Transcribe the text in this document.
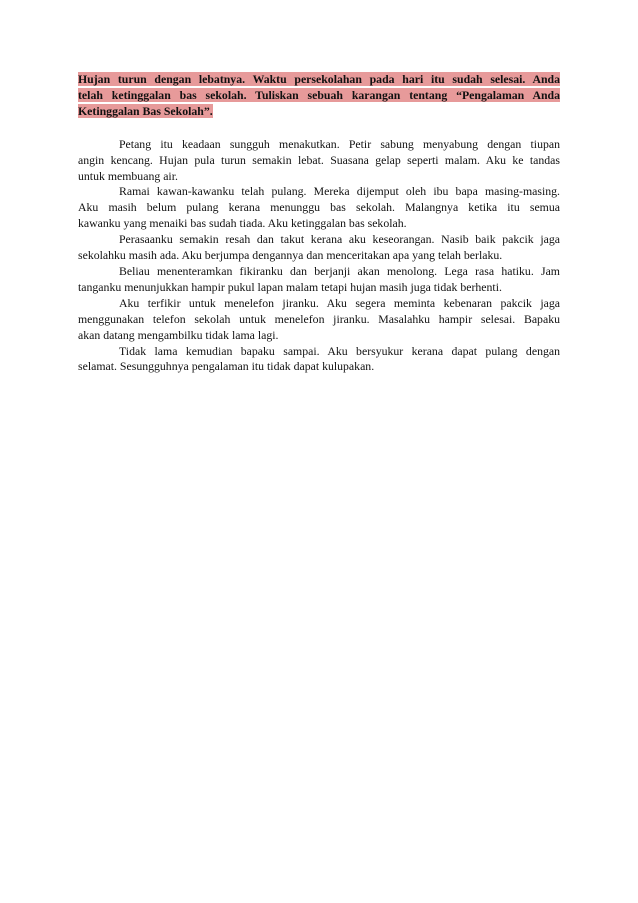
Hujan turun dengan lebatnya. Waktu persekolahan pada hari itu sudah selesai. Anda
telah ketinggalan bas sekolah. Tuliskan sebuah karangan tentang “Pengalaman Anda
Ketinggalan Bas Sekolah”.
Petang itu keadaan sungguh menakutkan. Petir sabung menyabung dengan tiupan
angin kencang. Hujan pula turun semakin lebat. Suasana gelap seperti malam. Aku ke tandas
untuk membuang air.
Ramai kawan-kawanku telah pulang. Mereka dijemput oleh ibu bapa masing-masing.
Aku masih belum pulang kerana menunggu bas sekolah. Malangnya ketika itu semua
kawanku yang menaiki bas sudah tiada. Aku ketinggalan bas sekolah.
Perasaanku semakin resah dan takut kerana aku keseorangan. Nasib baik pakcik jaga
sekolahku masih ada. Aku berjumpa dengannya dan menceritakan apa yang telah berlaku.
Beliau menenteramkan fikiranku dan berjanji akan menolong. Lega rasa hatiku. Jam
tanganku menunjukkan hampir pukul lapan malam tetapi hujan masih juga tidak berhenti.
Aku terfikir untuk menelefon jiranku. Aku segera meminta kebenaran pakcik jaga
menggunakan telefon sekolah untuk menelefon jiranku. Masalahku hampir selesai. Bapaku
akan datang mengambilku tidak lama lagi.
Tidak lama kemudian bapaku sampai. Aku bersyukur kerana dapat pulang dengan
selamat. Sesungguhnya pengalaman itu tidak dapat kulupakan.
